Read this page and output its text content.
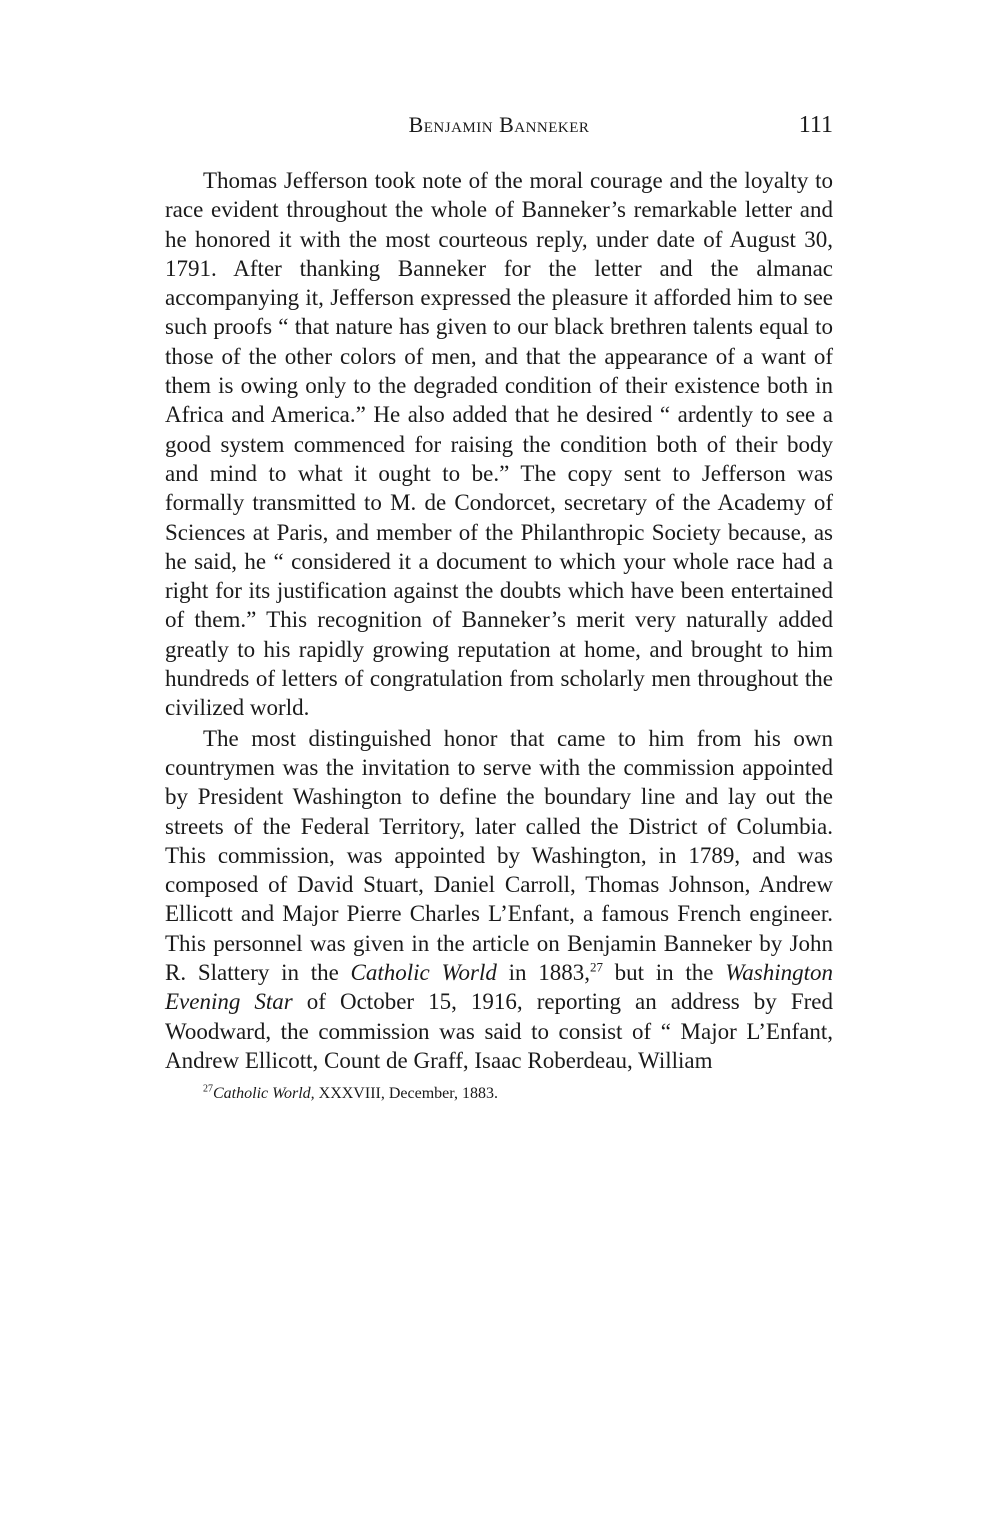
Benjamin Banneker	111

Thomas Jefferson took note of the moral courage and the loyalty to race evident throughout the whole of Banneker’s remarkable letter and he honored it with the most courteous reply, under date of August 30, 1791. After thanking Banneker for the letter and the almanac accompanying it, Jefferson expressed the pleasure it afforded him to see such proofs “ that nature has given to our black brethren talents equal to those of the other colors of men, and that the appearance of a want of them is owing only to the degraded condition of their existence both in Africa and America.” He also added that he desired “ ardently to see a good system commenced for raising the condition both of their body and mind to what it ought to be.” The copy sent to Jefferson was formally transmitted to M. de Condorcet, secretary of the Academy of Sciences at Paris, and member of the Philanthropic Society because, as he said, he “ considered it a document to which your whole race had a right for its justification against the doubts which have been entertained of them.” This recognition of Banneker’s merit very naturally added greatly to his rapidly growing reputation at home, and brought to him hundreds of letters of congratulation from scholarly men throughout the civilized world.

The most distinguished honor that came to him from his own countrymen was the invitation to serve with the commission appointed by President Washington to define the boundary line and lay out the streets of the Federal Territory, later called the District of Columbia. This commission, was appointed by Washington, in 1789, and was composed of David Stuart, Daniel Carroll, Thomas Johnson, Andrew Ellicott and Major Pierre Charles L’Enfant, a famous French engineer. This personnel was given in the article on Benjamin Banneker by John R. Slattery in the Catholic World in 1883,27 but in the Washington Evening Star of October 15, 1916, reporting an address by Fred Woodward, the commission was said to consist of “ Major L’Enfant, Andrew Ellicott, Count de Graff, Isaac Roberdeau, William

$^{27}$Catholic World, XXXVIII, December, 1883.
